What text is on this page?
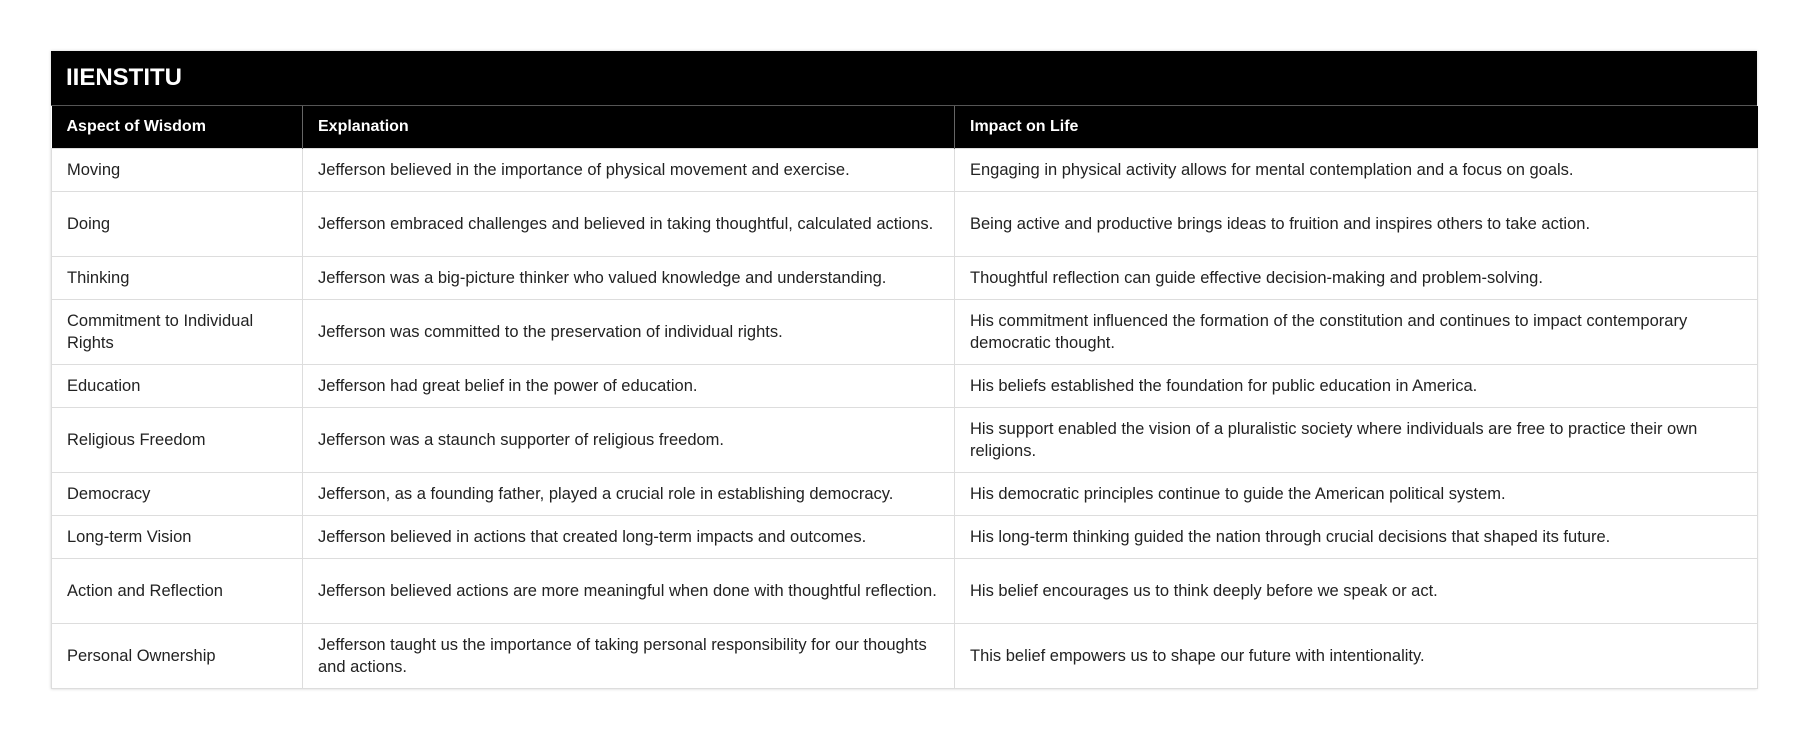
IIENSTITU
Aspect of Wisdom	Explanation	Impact on Life
Moving	Jefferson believed in the importance of physical movement and exercise.	Engaging in physical activity allows for mental contemplation and a focus on goals.
Doing	Jefferson embraced challenges and believed in taking thoughtful, calculated actions.	Being active and productive brings ideas to fruition and inspires others to take action.
Thinking	Jefferson was a big-picture thinker who valued knowledge and understanding.	Thoughtful reflection can guide effective decision-making and problem-solving.
Commitment to Individual Rights	Jefferson was committed to the preservation of individual rights.	His commitment influenced the formation of the constitution and continues to impact contemporary democratic thought.
Education	Jefferson had great belief in the power of education.	His beliefs established the foundation for public education in America.
Religious Freedom	Jefferson was a staunch supporter of religious freedom.	His support enabled the vision of a pluralistic society where individuals are free to practice their own religions.
Democracy	Jefferson, as a founding father, played a crucial role in establishing democracy.	His democratic principles continue to guide the American political system.
Long-term Vision	Jefferson believed in actions that created long-term impacts and outcomes.	His long-term thinking guided the nation through crucial decisions that shaped its future.
Action and Reflection	Jefferson believed actions are more meaningful when done with thoughtful reflection.	His belief encourages us to think deeply before we speak or act.
Personal Ownership	Jefferson taught us the importance of taking personal responsibility for our thoughts and actions.	This belief empowers us to shape our future with intentionality.
